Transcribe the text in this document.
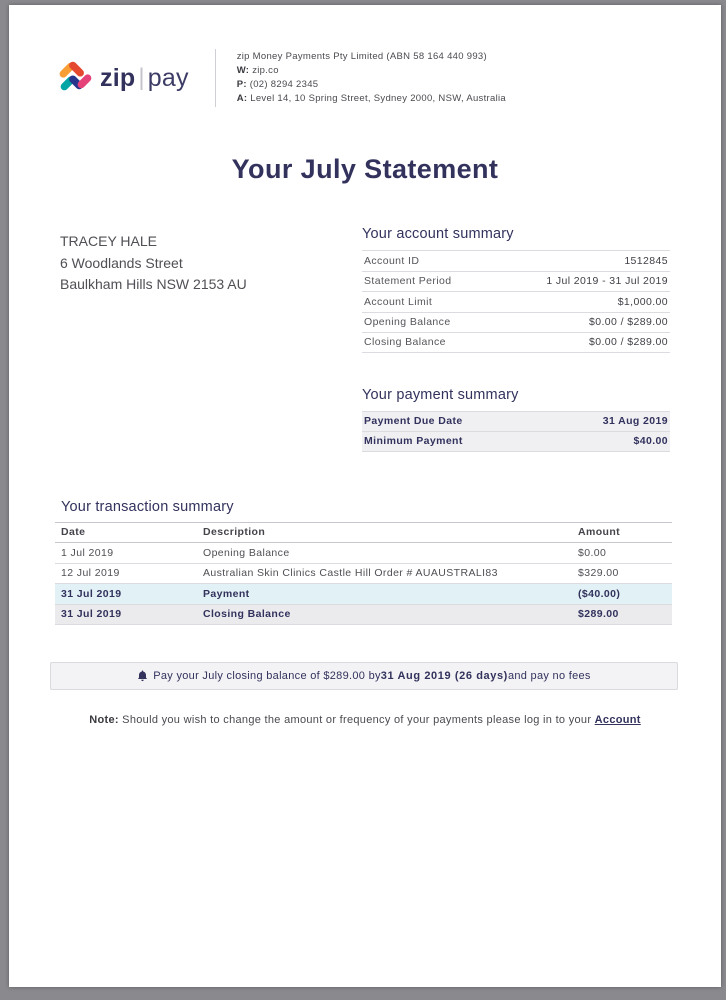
zip | pay
zip Money Payments Pty Limited (ABN 58 164 440 993)
W: zip.co
P: (02) 8294 2345
A: Level 14, 10 Spring Street, Sydney 2000, NSW, Australia
Your July Statement
TRACEY HALE
6 Woodlands Street
Baulkham Hills NSW 2153 AU
Your account summary
Account ID	1512845
Statement Period	1 Jul 2019 - 31 Jul 2019
Account Limit	$1,000.00
Opening Balance	$0.00 / $289.00
Closing Balance	$0.00 / $289.00
Your payment summary
Payment Due Date	31 Aug 2019
Minimum Payment	$40.00
Your transaction summary
Date	Description	Amount
1 Jul 2019	Opening Balance	$0.00
12 Jul 2019	Australian Skin Clinics Castle Hill Order # AUAUSTRALI83	$329.00
31 Jul 2019	Payment	($40.00)
31 Jul 2019	Closing Balance	$289.00
Pay your July closing balance of $289.00 by 31 Aug 2019 (26 days) and pay no fees
Note: Should you wish to change the amount or frequency of your payments please log in to your Account
